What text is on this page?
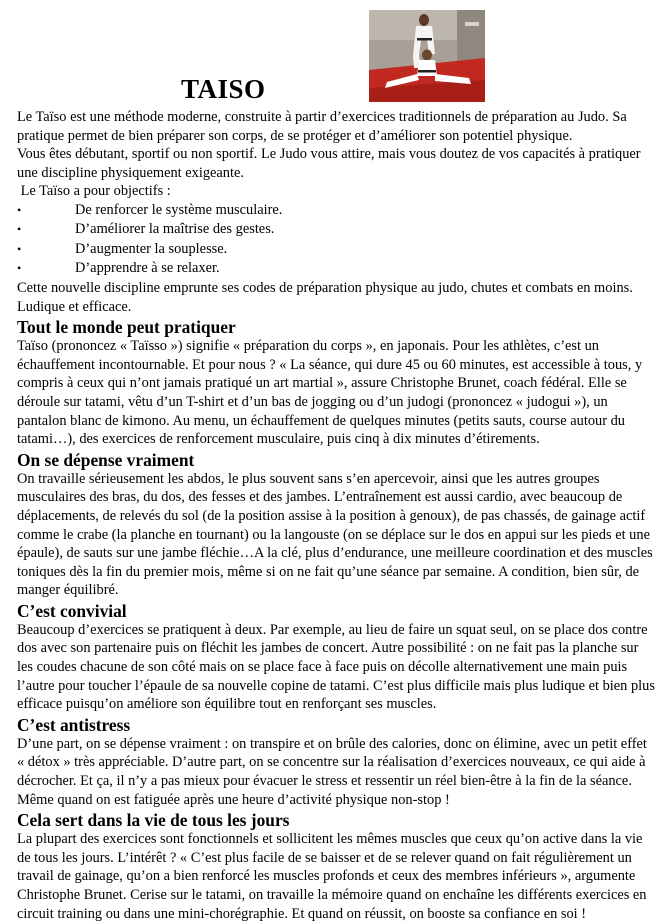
TAISO

Le Taïso est une méthode moderne, construite à partir d’exercices traditionnels de préparation au Judo. Sa pratique permet de bien préparer son corps, de se protéger et d’améliorer son potentiel physique.

Vous êtes débutant, sportif ou non sportif. Le Judo vous attire, mais vous doutez de vos capacités à pratiquer une discipline physiquement exigeante.

Le Taïso a pour objectifs :

•	De renforcer le système musculaire.
•	D’améliorer la maîtrise des gestes.
•	D’augmenter la souplesse.
•	D’apprendre à se relaxer.

Cette nouvelle discipline emprunte ses codes de préparation physique au judo, chutes et combats en moins. Ludique et efficace.

Tout le monde peut pratiquer

Taïso (prononcez « Taïsso ») signifie « préparation du corps », en japonais. Pour les athlètes, c’est un échauffement incontournable. Et pour nous ? « La séance, qui dure 45 ou 60 minutes, est accessible à tous, y compris à ceux qui n’ont jamais pratiqué un art martial », assure Christophe Brunet, coach fédéral. Elle se déroule sur tatami, vêtu d’un T-shirt et d’un bas de jogging ou d’un judogi (prononcez « judogui »), un pantalon blanc de kimono. Au menu, un échauffement de quelques minutes (petits sauts, course autour du tatami…), des exercices de renforcement musculaire, puis cinq à dix minutes d’étirements.

On se dépense vraiment

On travaille sérieusement les abdos, le plus souvent sans s’en apercevoir, ainsi que les autres groupes musculaires des bras, du dos, des fesses et des jambes. L’entraînement est aussi cardio, avec beaucoup de déplacements, de relevés du sol (de la position assise à la position à genoux), de pas chassés, de gainage actif comme le crabe (la planche en tournant) ou la langouste (on se déplace sur le dos en appui sur les pieds et une épaule), de sauts sur une jambe fléchie…A la clé, plus d’endurance, une meilleure coordination et des muscles toniques dès la fin du premier mois, même si on ne fait qu’une séance par semaine. A condition, bien sûr, de manger équilibré.

C’est convivial

Beaucoup d’exercices se pratiquent à deux. Par exemple, au lieu de faire un squat seul, on se place dos contre dos avec son partenaire puis on fléchit les jambes de concert. Autre possibilité : on ne fait pas la planche sur les coudes chacune de son côté mais on se place face à face puis on décolle alternativement une main puis l’autre pour toucher l’épaule de sa nouvelle copine de tatami. C’est plus difficile mais plus ludique et bien plus efficace puisqu’on améliore son équilibre tout en renforçant ses muscles.

C’est antistress

D’une part, on se dépense vraiment : on transpire et on brûle des calories, donc on élimine, avec un petit effet « détox » très appréciable. D’autre part, on se concentre sur la réalisation d’exercices nouveaux, ce qui aide à décrocher. Et ça, il n’y a pas mieux pour évacuer le stress et ressentir un réel bien-être à la fin de la séance. Même quand on est fatiguée après une heure d’activité physique non-stop !

Cela sert dans la vie de tous les jours

La plupart des exercices sont fonctionnels et sollicitent les mêmes muscles que ceux qu’on active dans la vie de tous les jours. L’intérêt ? « C’est plus facile de se baisser et de se relever quand on fait régulièrement un travail de gainage, qu’on a bien renforcé les muscles profonds et ceux des membres inférieurs », argumente Christophe Brunet. Cerise sur le tatami, on travaille la mémoire quand on enchaîne les différents exercices en circuit training ou dans une mini-chorégraphie. Et quand on réussit, on booste sa confiance en soi !
